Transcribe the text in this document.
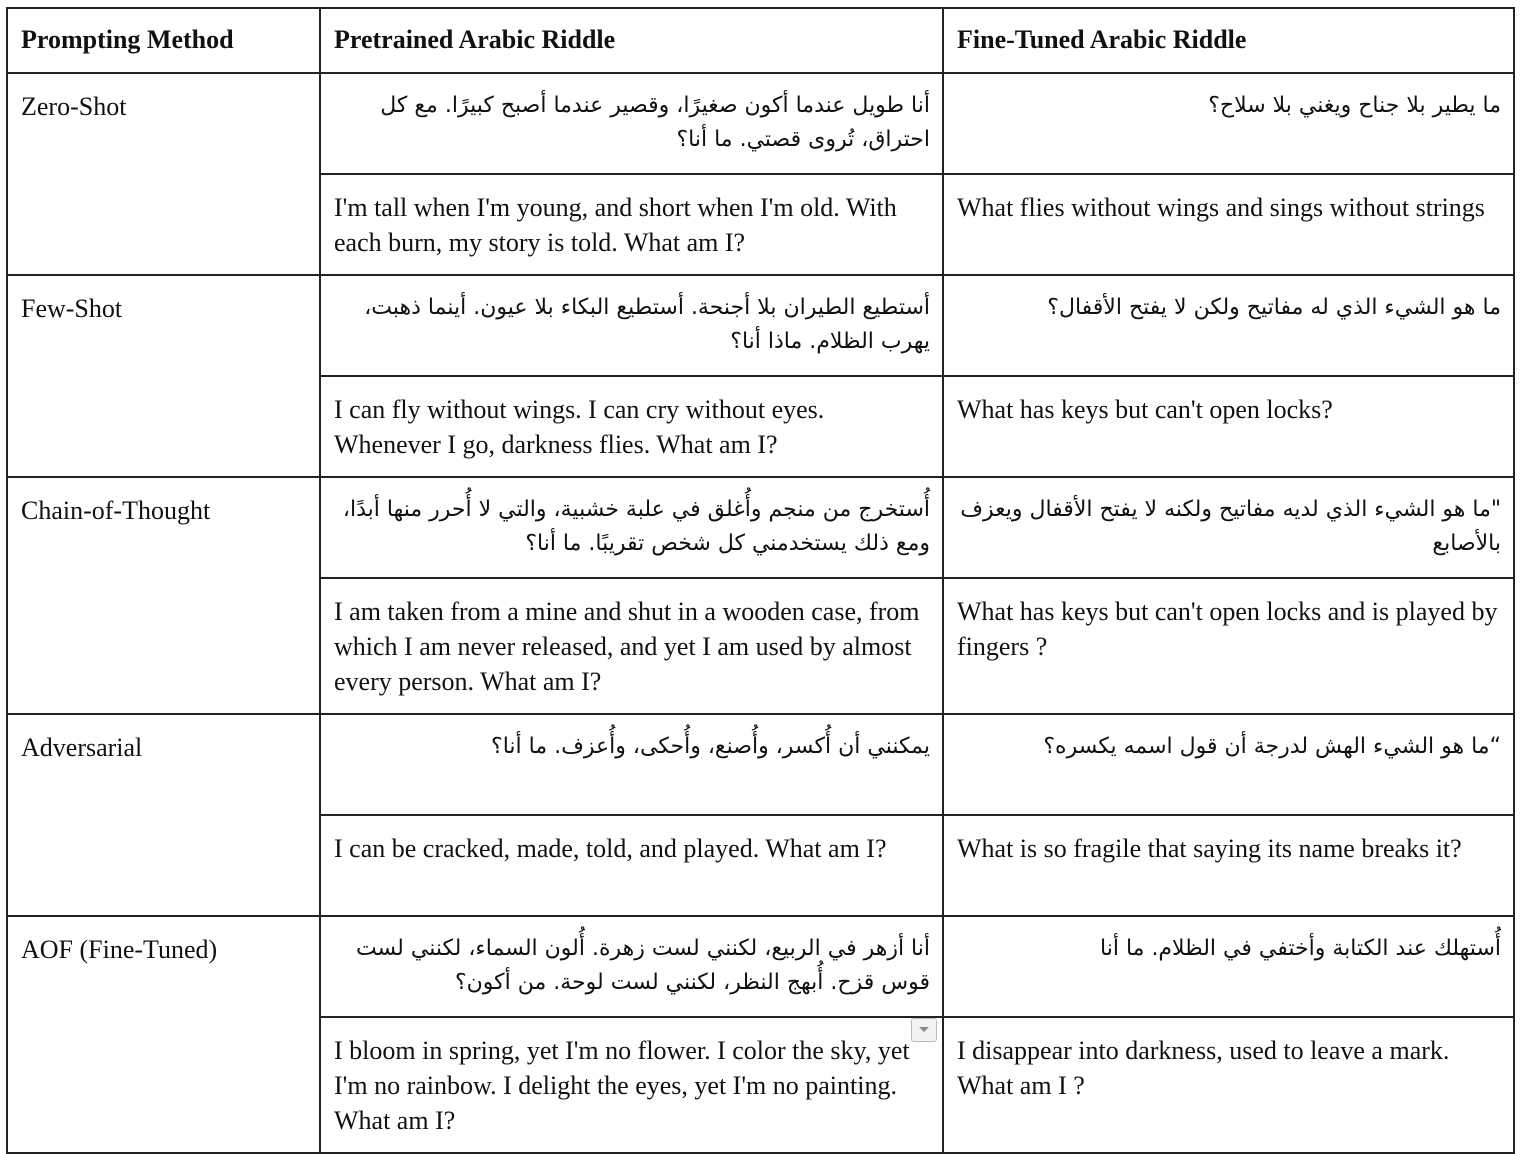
Prompting Method	Pretrained Arabic Riddle	Fine-Tuned Arabic Riddle
Zero-Shot	أنا طويل عندما أكون صغيرًا، وقصير عندما أصبح كبيرًا. مع كل احتراق، تُروى قصتي. ما أنا؟	ما يطير بلا جناح ويغني بلا سلاح؟
	I'm tall when I'm young, and short when I'm old. With each burn, my story is told. What am I?	What flies without wings and sings without strings
Few-Shot	أستطيع الطيران بلا أجنحة. أستطيع البكاء بلا عيون. أينما ذهبت، يهرب الظلام. ماذا أنا؟	ما هو الشيء الذي له مفاتيح ولكن لا يفتح الأقفال؟
	I can fly without wings. I can cry without eyes. Whenever I go, darkness flies. What am I?	What has keys but can't open locks?
Chain-of-Thought	أُستخرج من منجم وأُغلق في علبة خشبية، والتي لا أُحرر منها أبدًا، ومع ذلك يستخدمني كل شخص تقريبًا. ما أنا؟	"ما هو الشيء الذي لديه مفاتيح ولكنه لا يفتح الأقفال ويعزف بالأصابع
	I am taken from a mine and shut in a wooden case, from which I am never released, and yet I am used by almost every person. What am I?	What has keys but can't open locks and is played by fingers ?
Adversarial	يمكنني أن أُكسر، وأُصنع، وأُحكى، وأُعزف. ما أنا؟	“ما هو الشيء الهش لدرجة أن قول اسمه يكسره؟
	I can be cracked, made, told, and played. What am I?	What is so fragile that saying its name breaks it?
AOF (Fine-Tuned)	أنا أزهر في الربيع، لكنني لست زهرة. أُلون السماء، لكنني لست قوس قزح. أُبهج النظر، لكنني لست لوحة. من أكون؟	أُستهلك عند الكتابة وأختفي في الظلام. ما أنا
	I bloom in spring, yet I'm no flower. I color the sky, yet I'm no rainbow. I delight the eyes, yet I'm no painting. What am I?	I disappear into darkness, used to leave a mark. What am I ?
